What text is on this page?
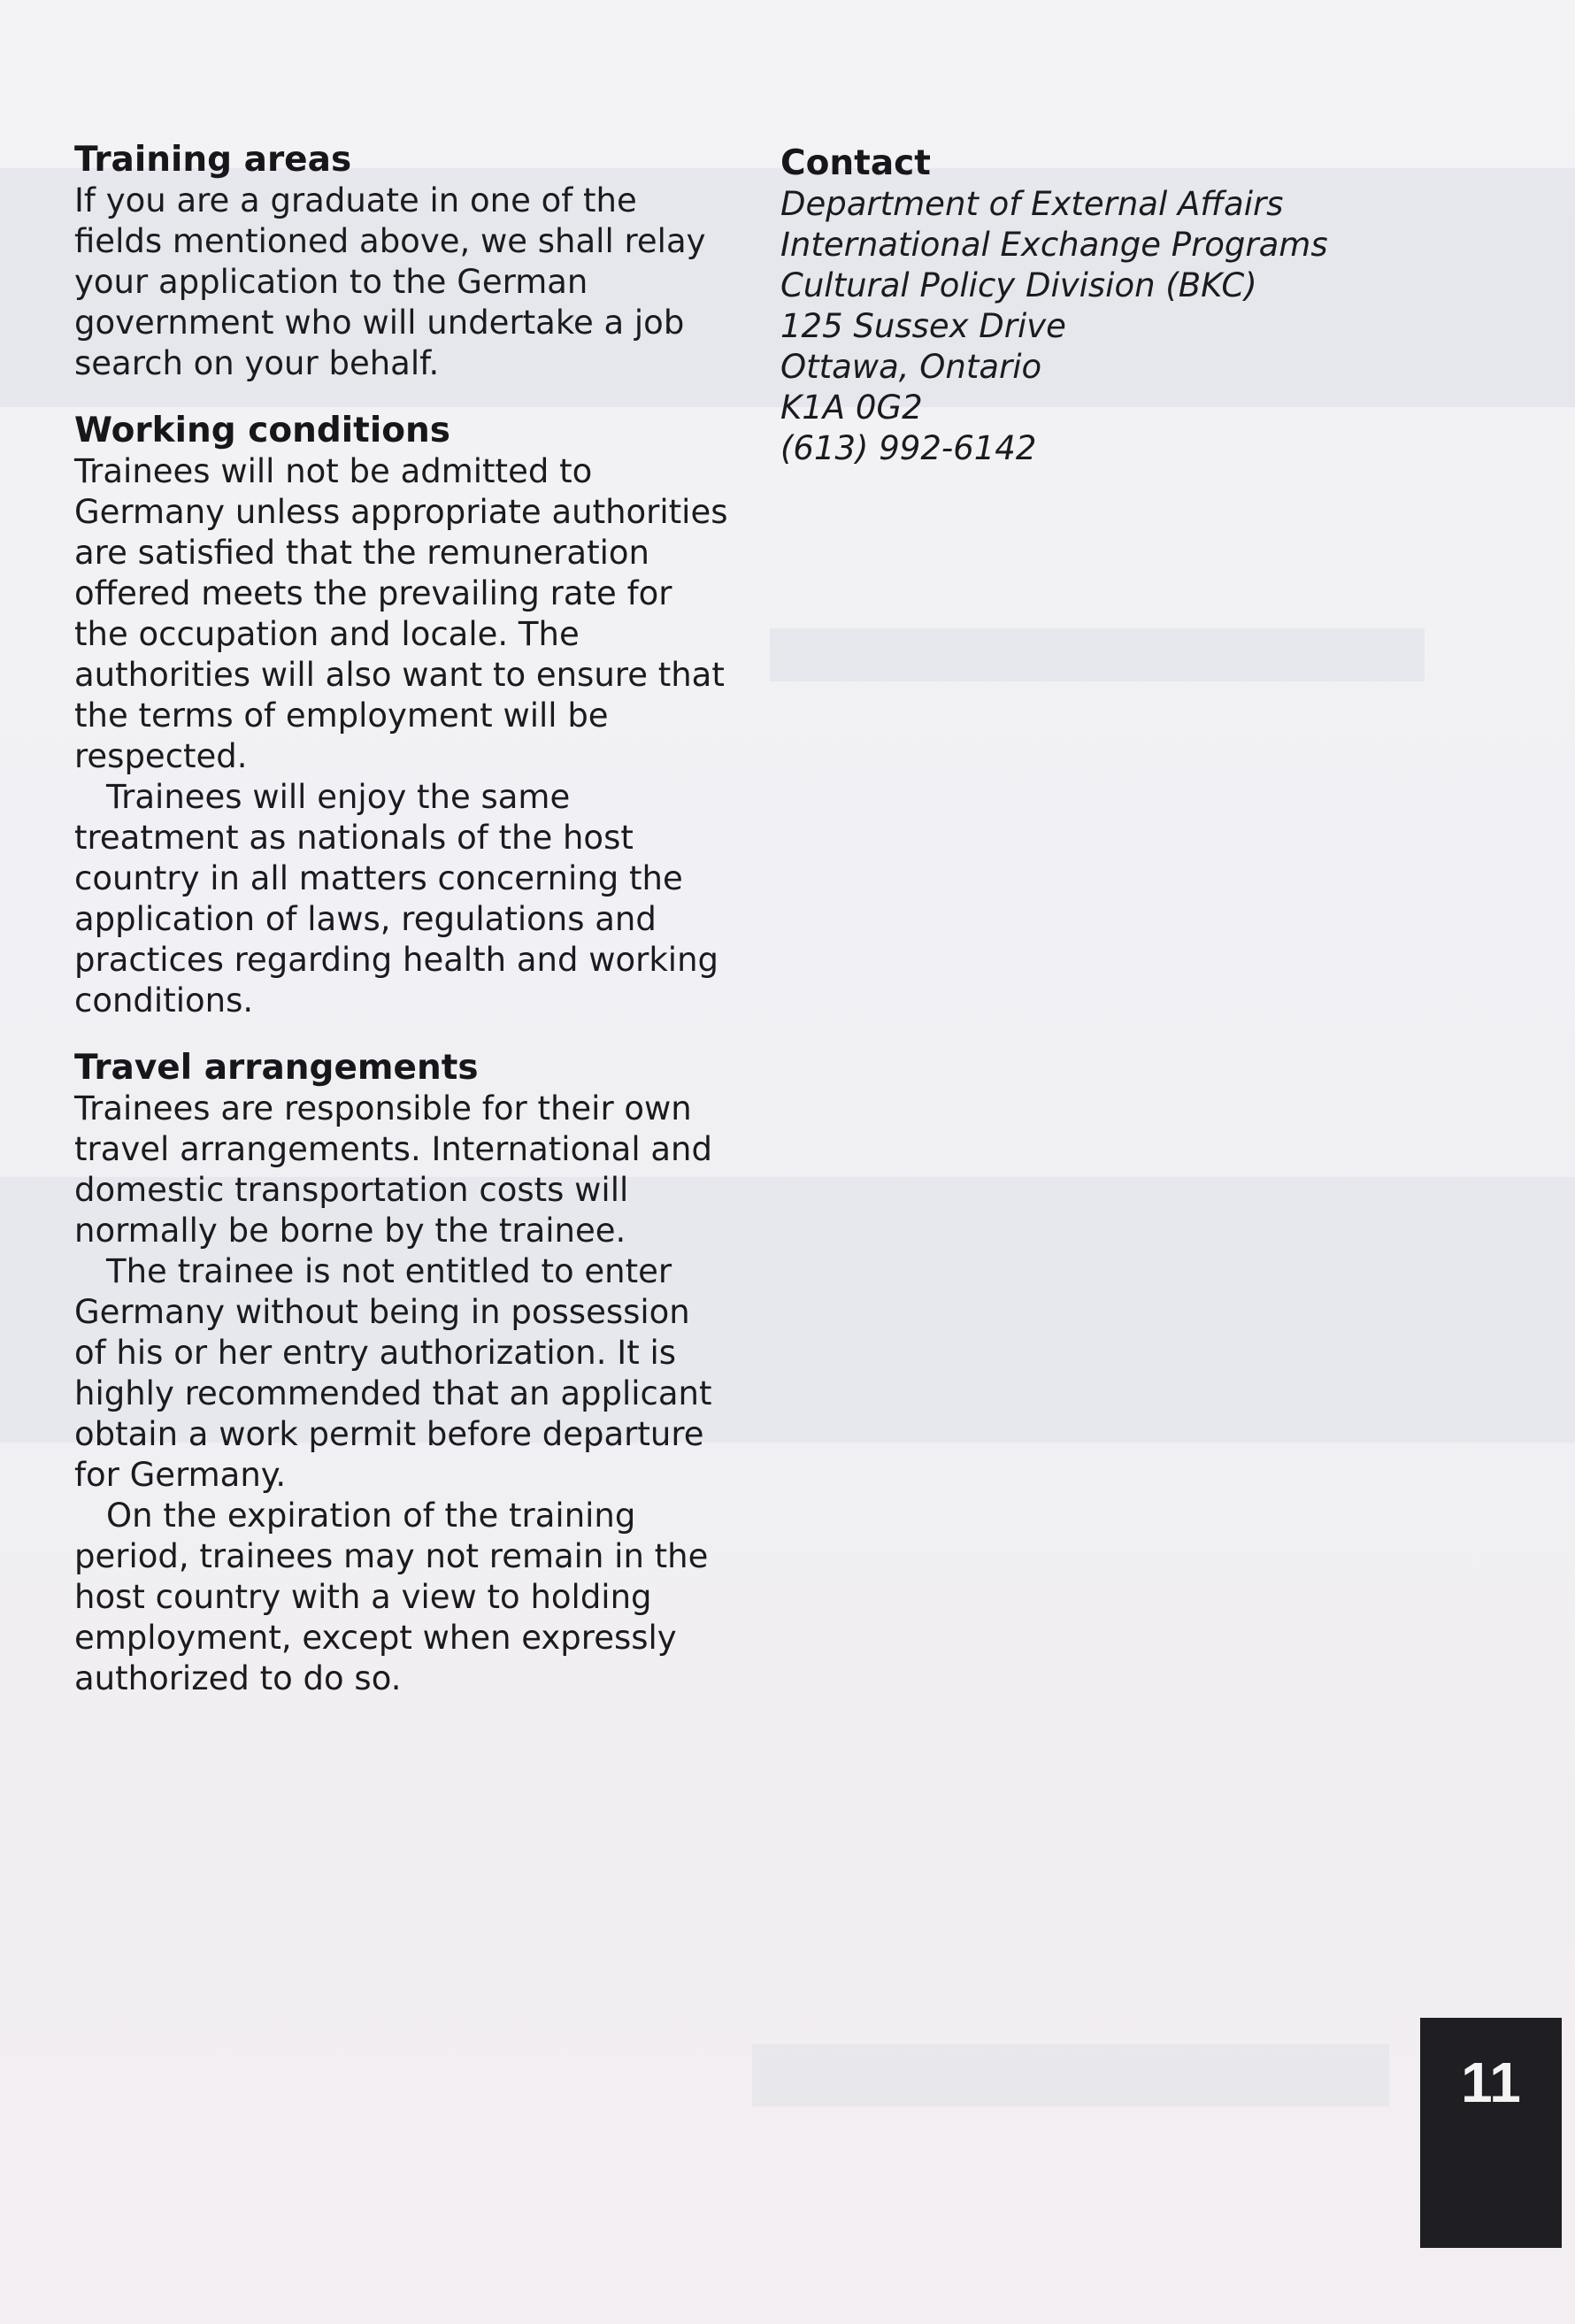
Training areas

If you are a graduate in one of the fields mentioned above, we shall relay your application to the German government who will undertake a job search on your behalf.

Working conditions

Trainees will not be admitted to Germany unless appropriate authorities are satisfied that the remuneration offered meets the prevailing rate for the occupation and locale. The authorities will also want to ensure that the terms of employment will be respected.

Trainees will enjoy the same treatment as nationals of the host country in all matters concerning the application of laws, regulations and practices regarding health and working conditions.

Travel arrangements

Trainees are responsible for their own travel arrangements. International and domestic transportation costs will normally be borne by the trainee.

The trainee is not entitled to enter Germany without being in possession of his or her entry authorization. It is highly recommended that an applicant obtain a work permit before departure for Germany.

On the expiration of the training period, trainees may not remain in the host country with a view to holding employment, except when expressly authorized to do so.

Contact
Department of External Affairs
International Exchange Programs
Cultural Policy Division (BKC)
125 Sussex Drive
Ottawa, Ontario
K1A 0G2
(613) 992-6142
11
